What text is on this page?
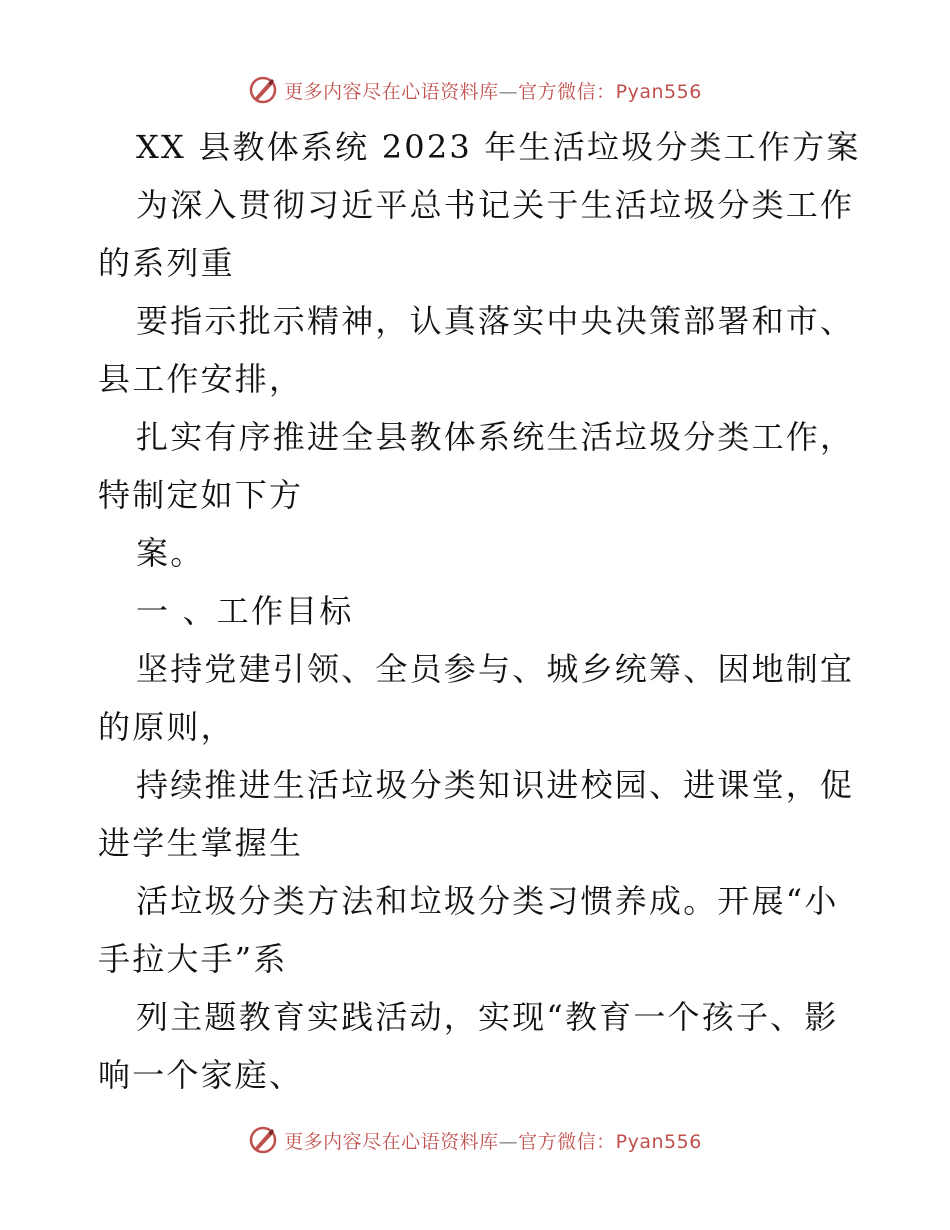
更多内容尽在心语资料库—官方微信：Pyan556
XX 县教体系统 2023 年生活垃圾分类工作方案
为深入贯彻习近平总书记关于生活垃圾分类工作
的系列重
要指示批示精神，认真落实中央决策部署和市、
县工作安排，
扎实有序推进全县教体系统生活垃圾分类工作，
特制定如下方
案。
一 、工作目标
坚持党建引领、全员参与、城乡统筹、因地制宜
的原则，
持续推进生活垃圾分类知识进校园、进课堂，促
进学生掌握生
活垃圾分类方法和垃圾分类习惯养成。开展“小
手拉大手”系
列主题教育实践活动，实现“教育一个孩子、影
响一个家庭、
更多内容尽在心语资料库—官方微信：Pyan556
